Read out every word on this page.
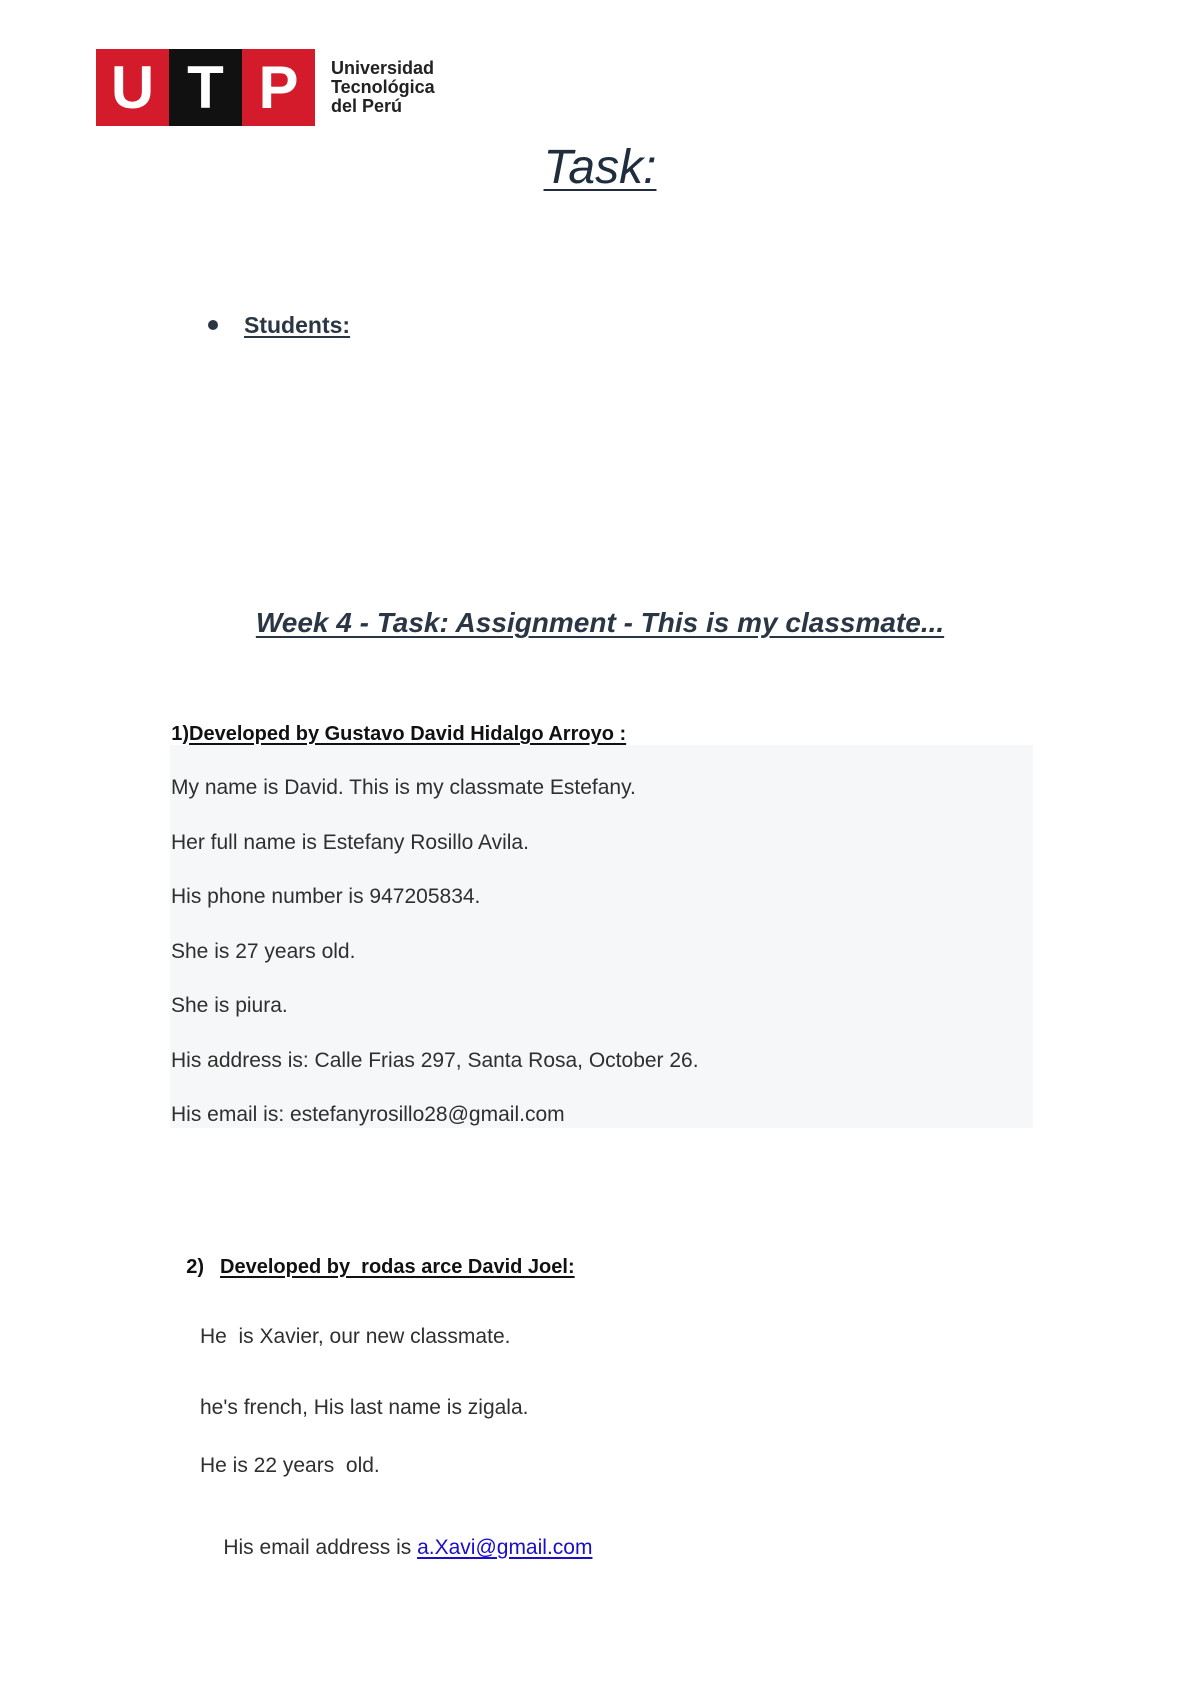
U T P	Universidad
Tecnológica
del Perú
Task:
Students:
Week 4 - Task: Assignment - This is my classmate...

1)Developed by Gustavo David Hidalgo Arroyo :

My name is David. This is my classmate Estefany.
Her full name is Estefany Rosillo Avila.
His phone number is 947205834.
She is 27 years old.
She is piura.
His address is: Calle Frias 297, Santa Rosa, October 26.
His email is: estefanyrosillo28@gmail.com

2) Developed by  rodas arce David Joel:

He  is Xavier, our new classmate.
he's french, His last name is zigala.
He is 22 years  old.

His email address is a.Xavi@gmail.com
